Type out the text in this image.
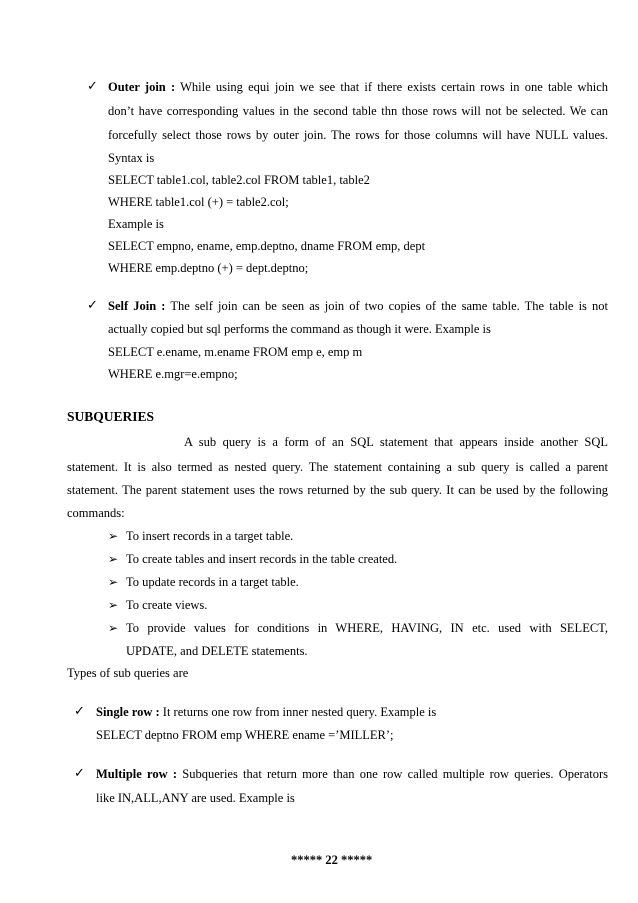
✓ Outer join : While using equi join we see that if there exists certain rows in one table which
don’t have corresponding values in the second table thn those rows will not be selected. We can
forcefully select those rows by outer join. The rows for those columns will have NULL values.
Syntax is
SELECT table1.col, table2.col FROM table1, table2
WHERE table1.col (+) = table2.col;
Example is
SELECT empno, ename, emp.deptno, dname FROM emp, dept
WHERE emp.deptno (+) = dept.deptno;
✓ Self Join : The self join can be seen as join of two copies of the same table. The table is not
actually copied but sql performs the command as though it were. Example is
SELECT e.ename, m.ename FROM emp e, emp m
WHERE e.mgr=e.empno;
SUBQUERIES
A sub query is a form of an SQL statement that appears inside another SQL
statement. It is also termed as nested query. The statement containing a sub query is called a parent
statement. The parent statement uses the rows returned by the sub query. It can be used by the following
commands:
➢ To insert records in a target table.
➢ To create tables and insert records in the table created.
➢ To update records in a target table.
➢ To create views.
➢ To provide values for conditions in WHERE, HAVING, IN etc. used with SELECT,
UPDATE, and DELETE statements.
Types of sub queries are
✓ Single row : It returns one row from inner nested query. Example is
SELECT deptno FROM emp WHERE ename =’MILLER’;
✓ Multiple row : Subqueries that return more than one row called multiple row queries. Operators
like IN,ALL,ANY are used. Example is
***** 22 *****
